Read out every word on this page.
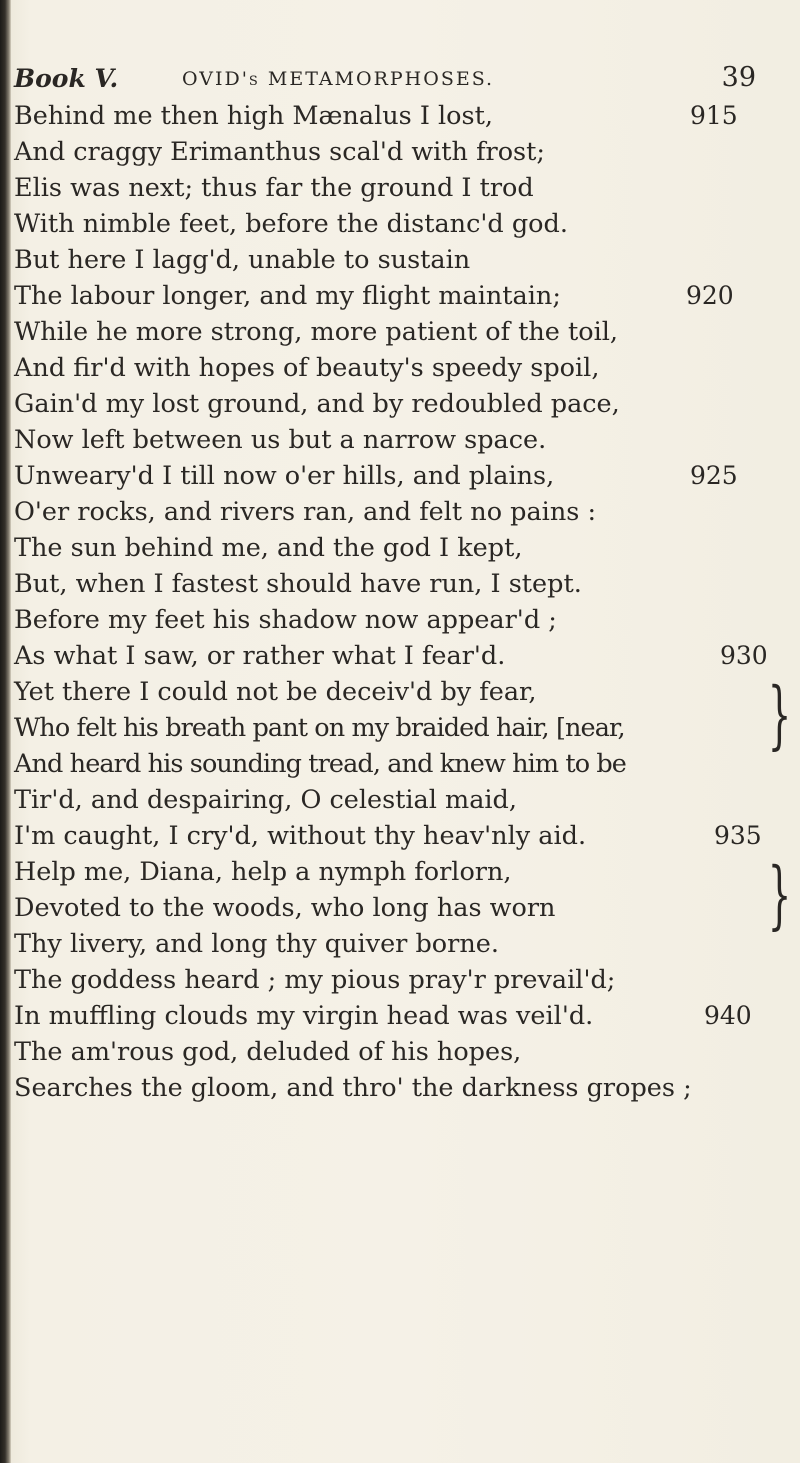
Book V.	OVID's METAMORPHOSES.	39
Behind me then high Mænalus I lost,	915
And craggy Erimanthus scal'd with frost;
Elis was next; thus far the ground I trod
With nimble feet, before the distanc'd god.
But here I lagg'd, unable to sustain
The labour longer, and my flight maintain;	920
While he more strong, more patient of the toil,
And fir'd with hopes of beauty's speedy spoil,
Gain'd my lost ground, and by redoubled pace,
Now left between us but a narrow space.
Unweary'd I till now o'er hills, and plains,	925
O'er rocks, and rivers ran, and felt no pains :
The sun behind me, and the god I kept,
But, when I fastest should have run, I stept.
Before my feet his shadow now appear'd ;
As what I saw, or rather what I fear'd.	930
Yet there I could not be deceiv'd by fear,
Who felt his breath pant on my braided hair, [near,
And heard his sounding tread, and knew him to be
Tir'd, and despairing, O celestial maid,
I'm caught, I cry'd, without thy heav'nly aid.	935
Help me, Diana, help a nymph forlorn,
Devoted to the woods, who long has worn
Thy livery, and long thy quiver borne.
The goddess heard ; my pious pray'r prevail'd;
In muffling clouds my virgin head was veil'd.	940
The am'rous god, deluded of his hopes,
Searches the gloom, and thro' the darkness gropes ;
}
}
